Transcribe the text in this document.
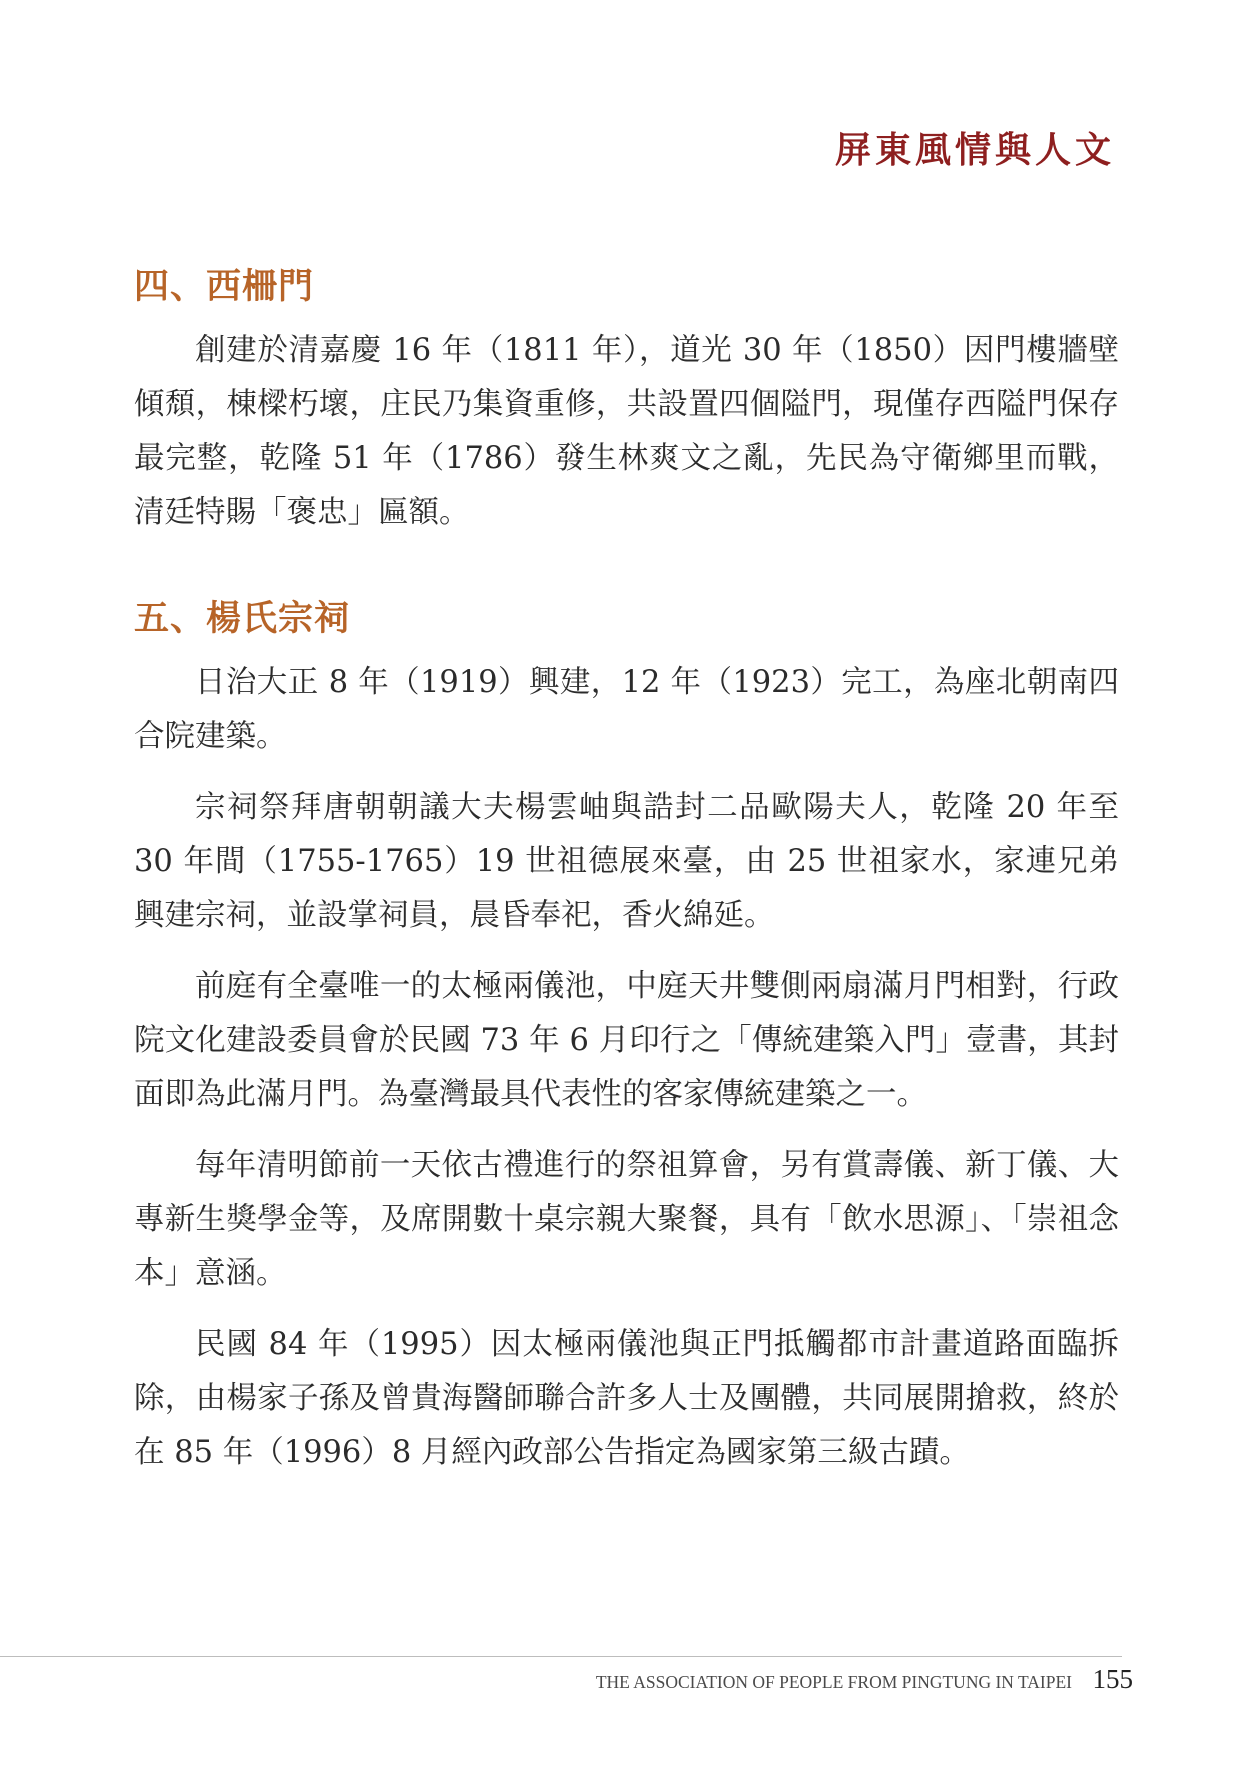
屏東風情與人文
四、西柵門

創建於清嘉慶 16 年（1811 年），道光 30 年（1850）因門樓牆壁傾頹，棟樑朽壞，庄民乃集資重修，共設置四個隘門，現僅存西隘門保存最完整，乾隆 51 年（1786）發生林爽文之亂，先民為守衛鄉里而戰，清廷特賜「褒忠」匾額。

五、楊氏宗祠

日治大正 8 年（1919）興建，12 年（1923）完工，為座北朝南四合院建築。

宗祠祭拜唐朝朝議大夫楊雲岫與誥封二品歐陽夫人，乾隆 20 年至 30 年間（1755-1765）19 世祖德展來臺，由 25 世祖家水，家連兄弟興建宗祠，並設掌祠員，晨昏奉祀，香火綿延。

前庭有全臺唯一的太極兩儀池，中庭天井雙側兩扇滿月門相對，行政院文化建設委員會於民國 73 年 6 月印行之「傳統建築入門」壹書，其封面即為此滿月門。為臺灣最具代表性的客家傳統建築之一。

每年清明節前一天依古禮進行的祭祖算會，另有賞壽儀、新丁儀、大專新生獎學金等，及席開數十桌宗親大聚餐，具有「飲水思源」、「崇祖念本」意涵。

民國 84 年（1995）因太極兩儀池與正門抵觸都市計畫道路面臨拆除，由楊家子孫及曾貴海醫師聯合許多人士及團體，共同展開搶救，終於在 85 年（1996）8 月經內政部公告指定為國家第三級古蹟。

THE ASSOCIATION OF PEOPLE FROM PINGTUNG IN TAIPEI 155
